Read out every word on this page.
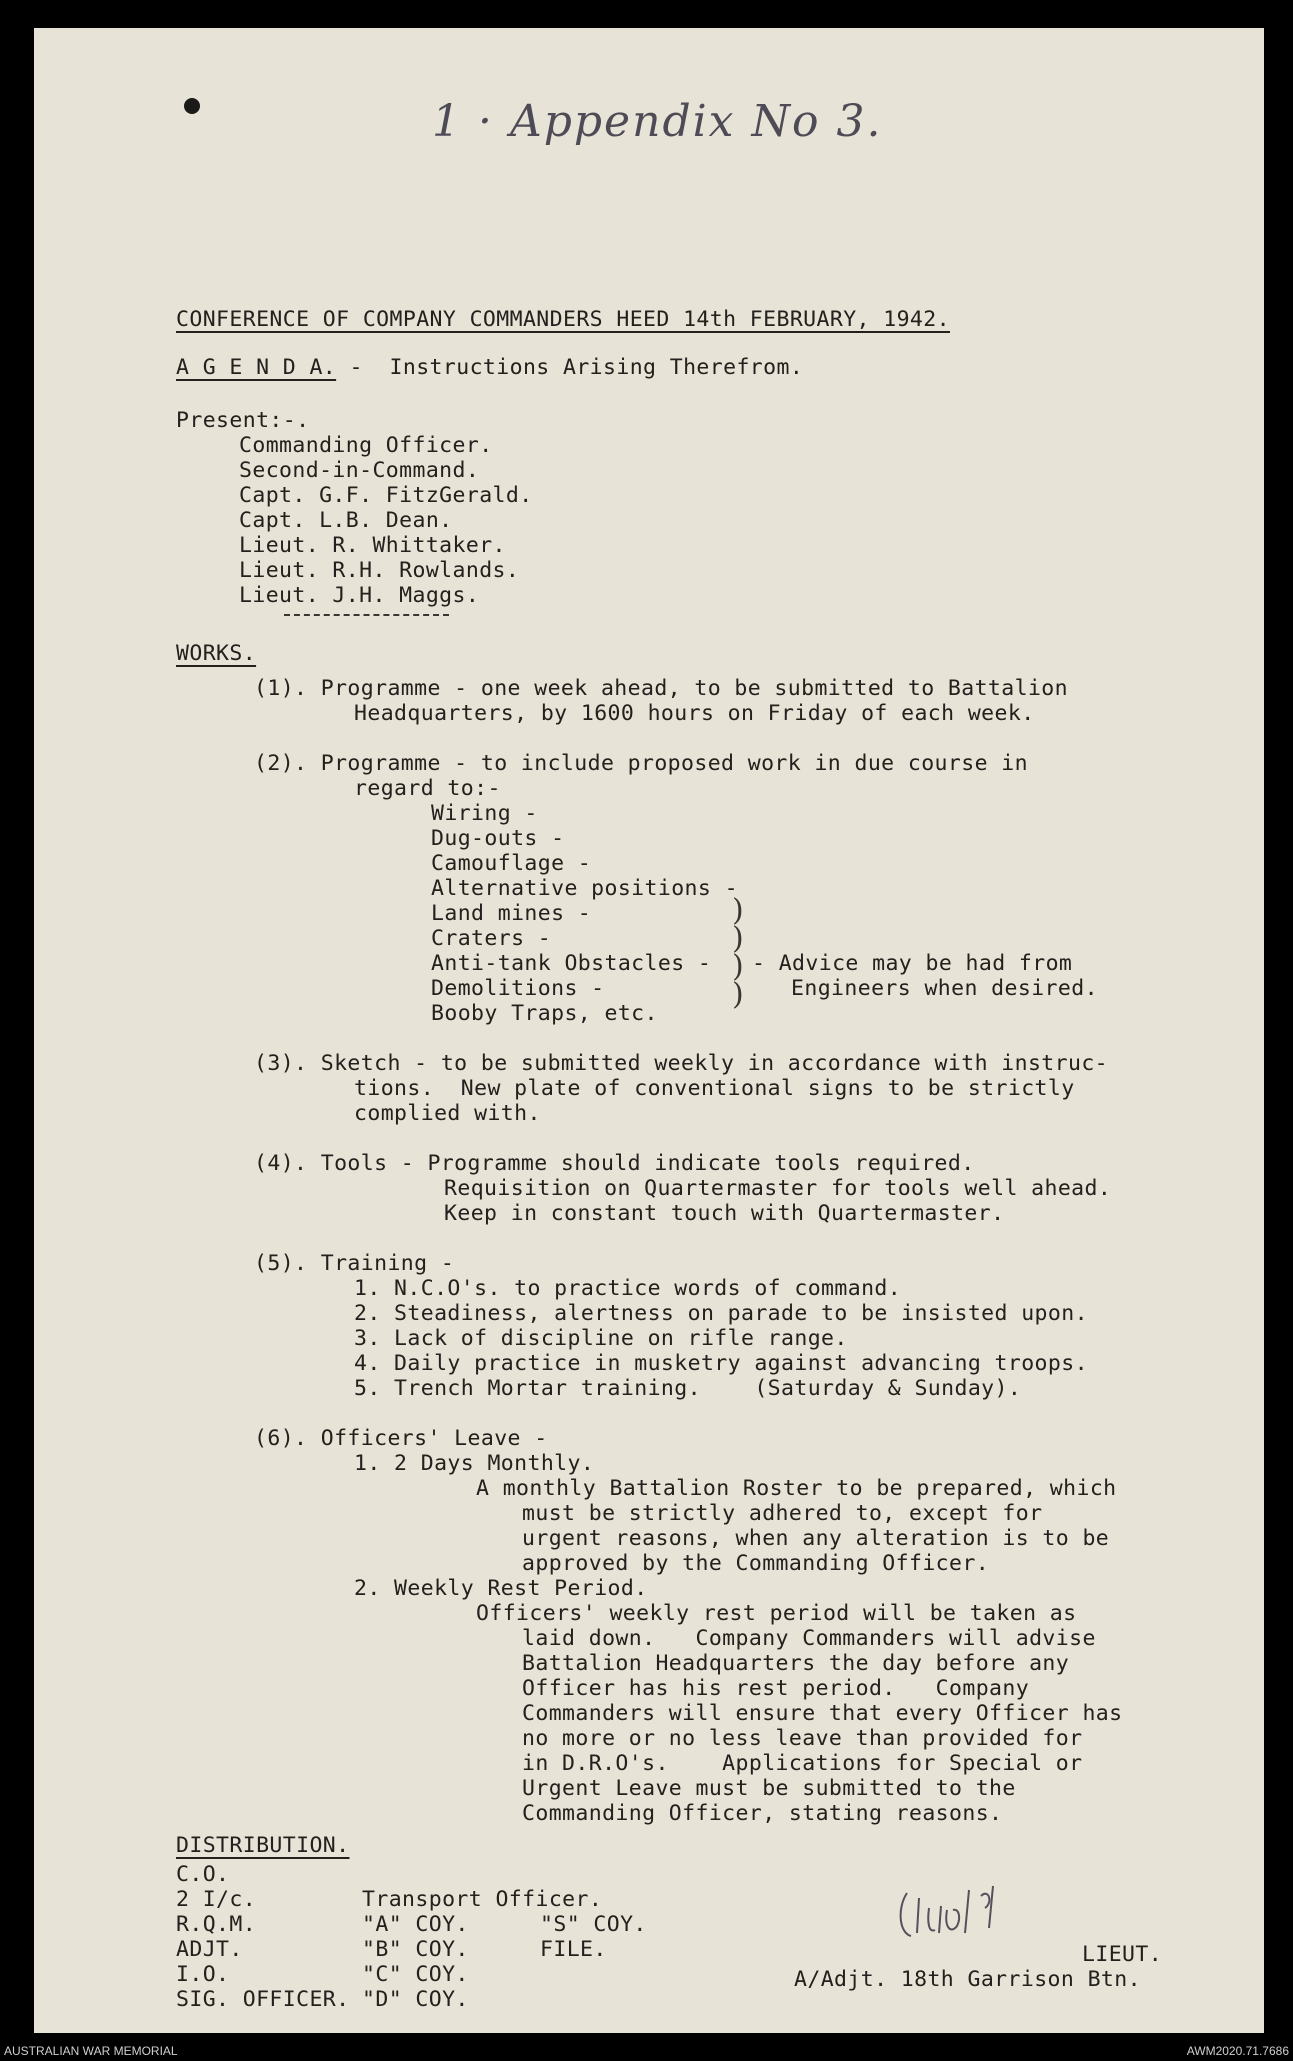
1 · Appendix No 3.
CONFERENCE OF COMPANY COMMANDERS HEED 14th FEBRUARY, 1942.
A G E N D A. -  Instructions Arising Therefrom.
Present:-.
Commanding Officer.
Second-in-Command.
Capt. G.F. FitzGerald.
Capt. L.B. Dean.
Lieut. R. Whittaker.
Lieut. R.H. Rowlands.
Lieut. J.H. Maggs.
WORKS.
(1). Programme - one week ahead, to be submitted to Battalion
Headquarters, by 1600 hours on Friday of each week.
(2). Programme - to include proposed work in due course in
regard to:-
Wiring -
Dug-outs -
Camouflage -
Alternative positions -
Land mines -
Craters -
Anti-tank Obstacles -
Demolitions -
Booby Traps, etc.
)
)
)
)
- Advice may be had from
Engineers when desired.
(3). Sketch - to be submitted weekly in accordance with instruc-
tions.  New plate of conventional signs to be strictly
complied with.
(4). Tools - Programme should indicate tools required.
Requisition on Quartermaster for tools well ahead.
Keep in constant touch with Quartermaster.
(5). Training -
1. N.C.O's. to practice words of command.
2. Steadiness, alertness on parade to be insisted upon.
3. Lack of discipline on rifle range.
4. Daily practice in musketry against advancing troops.
5. Trench Mortar training.    (Saturday & Sunday).
(6). Officers' Leave -
1. 2 Days Monthly.
A monthly Battalion Roster to be prepared, which
must be strictly adhered to, except for
urgent reasons, when any alteration is to be
approved by the Commanding Officer.
2. Weekly Rest Period.
Officers' weekly rest period will be taken as
laid down.   Company Commanders will advise
Battalion Headquarters the day before any
Officer has his rest period.   Company
Commanders will ensure that every Officer has
no more or no less leave than provided for
in D.R.O's.    Applications for Special or
Urgent Leave must be submitted to the
Commanding Officer, stating reasons.
DISTRIBUTION.
C.O.
2 I/c.
R.Q.M.
ADJT.
I.O.
SIG. OFFICER.
Transport Officer.
"A" COY.
"B" COY.
"C" COY.
"D" COY.
"S" COY.
FILE.	LIEUT.
A/Adjt. 18th Garrison Btn.
AUSTRALIAN WAR MEMORIAL	AWM2020.71.7686
